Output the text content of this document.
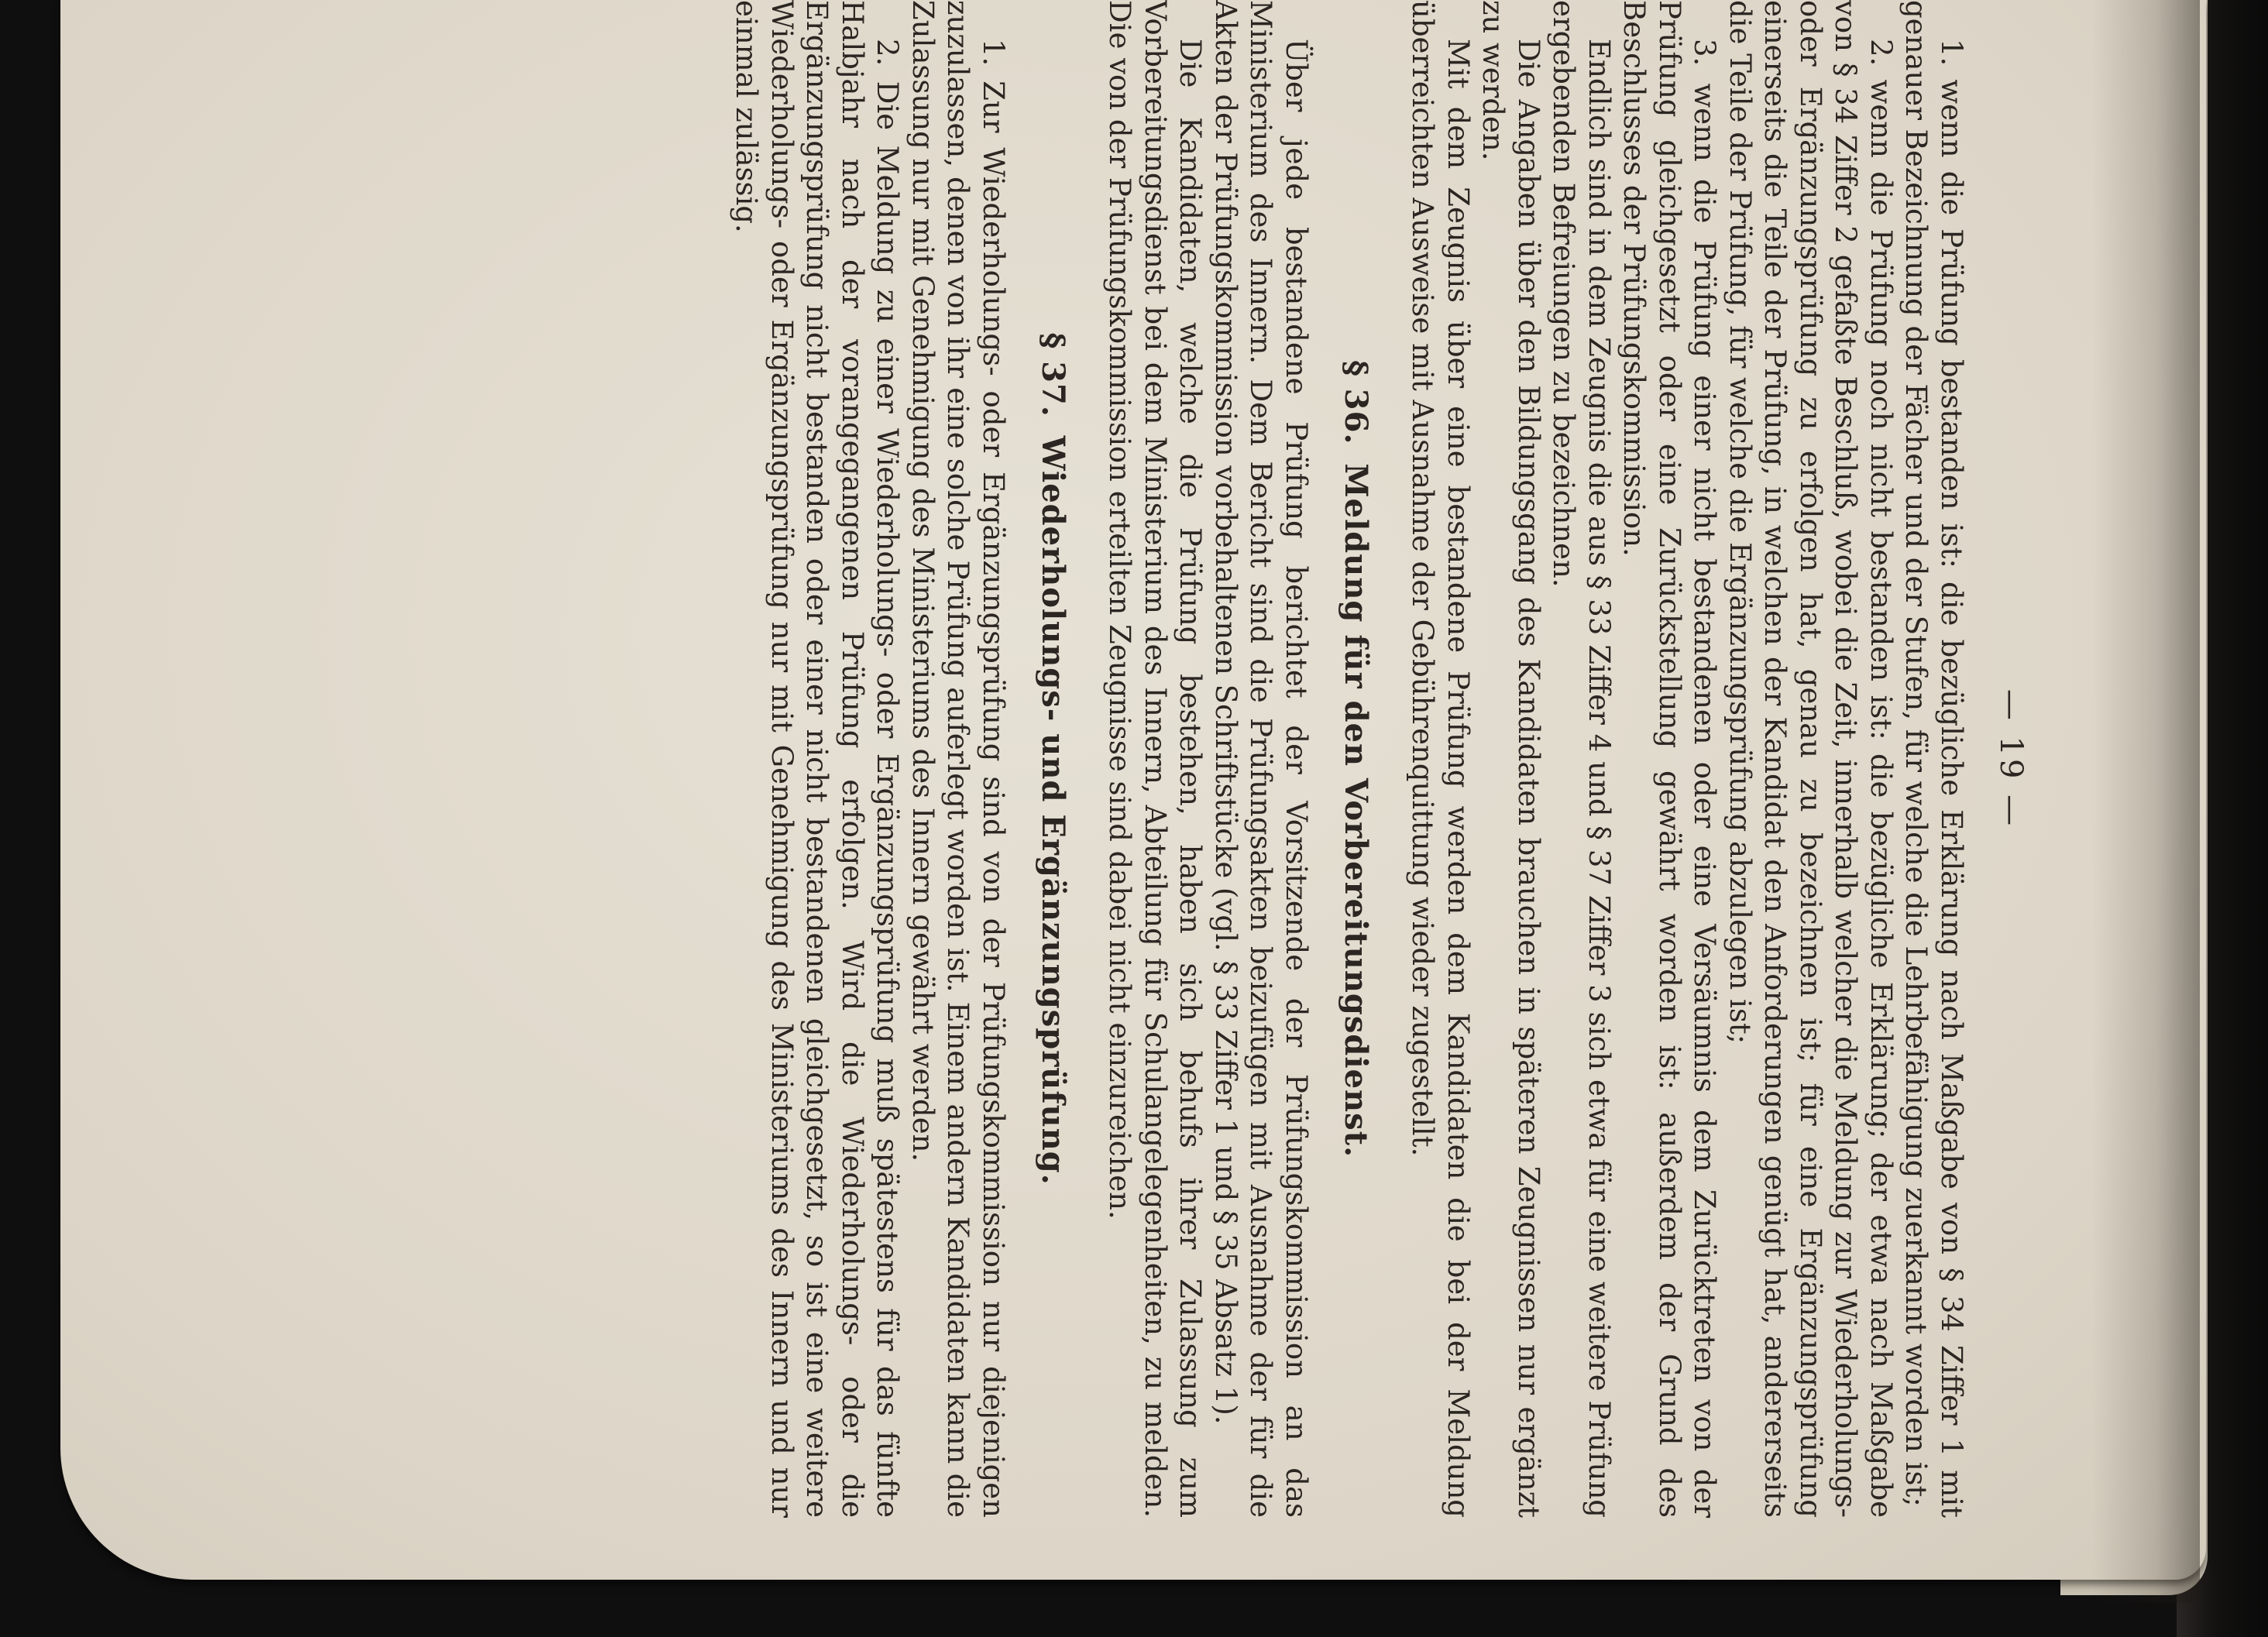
— 19 —

1. wenn die Prüfung bestanden ist: die bezügliche Erklärung nach Maßgabe von § 34 Ziffer 1 mit genauer Bezeichnung der Fächer und der Stufen, für welche die Lehrbefähigung zuerkannt worden ist;

2. wenn die Prüfung noch nicht bestanden ist: die bezügliche Erklärung; der etwa nach Maßgabe von § 34 Ziffer 2 gefaßte Beschluß, wobei die Zeit, innerhalb welcher die Meldung zur Wiederholungs- oder Ergänzungsprüfung zu erfolgen hat, genau zu bezeichnen ist; für eine Ergänzungsprüfung einerseits die Teile der Prüfung, in welchen der Kandidat den Anforderungen genügt hat, andererseits die Teile der Prüfung, für welche die Ergänzungsprüfung abzulegen ist;

3. wenn die Prüfung einer nicht bestandenen oder eine Versäumnis dem Zurücktreten von der Prüfung gleichgesetzt oder eine Zurückstellung gewährt worden ist: außerdem der Grund des Beschlusses der Prüfungskommission.

Endlich sind in dem Zeugnis die aus § 33 Ziffer 4 und § 37 Ziffer 3 sich etwa für eine weitere Prüfung ergebenden Befreiungen zu bezeichnen.

Die Angaben über den Bildungsgang des Kandidaten brauchen in späteren Zeugnissen nur ergänzt zu werden.

Mit dem Zeugnis über eine bestandene Prüfung werden dem Kandidaten die bei der Meldung überreichten Ausweise mit Ausnahme der Gebührenquittung wieder zugestellt.

§ 36.Meldung für den Vorbereitungsdienst.

Über jede bestandene Prüfung berichtet der Vorsitzende der Prüfungskommission an das Ministerium des Innern. Dem Bericht sind die Prüfungsakten beizufügen mit Ausnahme der für die Akten der Prüfungskommission vorbehaltenen Schriftstücke (vgl. § 33 Ziffer 1 und § 35 Absatz 1).

Die Kandidaten, welche die Prüfung bestehen, haben sich behufs ihrer Zulassung zum Vorbereitungsdienst bei dem Ministerium des Innern, Abteilung für Schulangelegenheiten, zu melden. Die von der Prüfungskommission erteilten Zeugnisse sind dabei nicht einzureichen.

§ 37.Wiederholungs- und Ergänzungsprüfung.

1. Zur Wiederholungs- oder Ergänzungsprüfung sind von der Prüfungskommission nur diejenigen zuzulassen, denen von ihr eine solche Prüfung auferlegt worden ist. Einem andern Kandidaten kann die Zulassung nur mit Genehmigung des Ministeriums des Innern gewährt werden.

2. Die Meldung zu einer Wiederholungs- oder Ergänzungsprüfung muß spätestens für das fünfte Halbjahr nach der vorangegangenen Prüfung erfolgen. Wird die Wiederholungs- oder die Ergänzungsprüfung nicht bestanden oder einer nicht bestandenen gleichgesetzt, so ist eine weitere Wiederholungs- oder Ergänzungsprüfung nur mit Genehmigung des Ministeriums des Innern und nur einmal zulässig.
